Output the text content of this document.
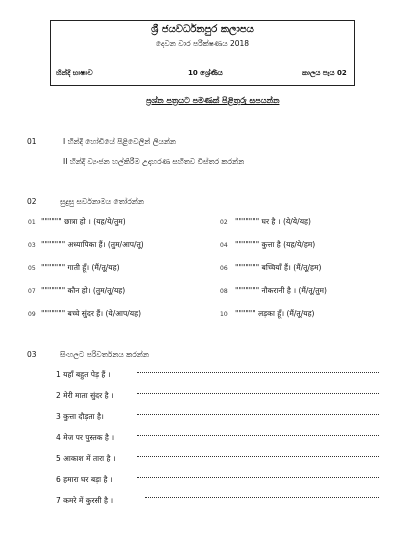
ශ්‍රී ජයවර්ධනපුර කලාපය
දෙවන වාර පරීක්ෂණය 2018
හින්දි භාෂාව	10 ශ්‍රේණිය	කාලය පැය 02
ප්‍රශ්න පත්‍රයට පමණක් පිළිතුරු සපයන්න
01	I හින්දි හෝඩියේ පිළිවෙලින් ලියන්න
II හින්දි ව්‍යංජන හල්කිරීම උදාහරණ සහිතව විස්තර කරන්න
02	සුදුසු සර්වනාමය තෝරන්න
01 """""" छात्रा हो । (यह/ये/तुम)	02 """"""" घर है । (ये/ये/यह)
03 """"""" अध्यापिका हैं। (तुम/आप/तू)	04 """"""" कुत्ता है (यह/ये/हम)
05 """"""" गाती हूँ। (मैं/तू/यह)	06 """"""" बच्चियाँ हैं। (मैं/तू/हम)
07 """"""" कौन हो। (तुम/तू/यह)	08 """"""" नौकरानी है । (मैं/तू/तुम)
09 """"""" बच्चे सुंदर हैं। (ये/आप/यह)	10 """""" लड़का हूँ। (मैं/तू/यह)
03	සිංහලට පරිවර්තනය කරන්න
1 यहाँ बहुत पेड़ हैं ।
2 मेरी माता सुंदर है ।
3 कुत्ता दौड़ता है।
4 मेज पर पुस्तक है ।
5 आकाश में तारा है ।
6 हमारा घर बड़ा है ।
7 कमरे में कुरसी है ।
